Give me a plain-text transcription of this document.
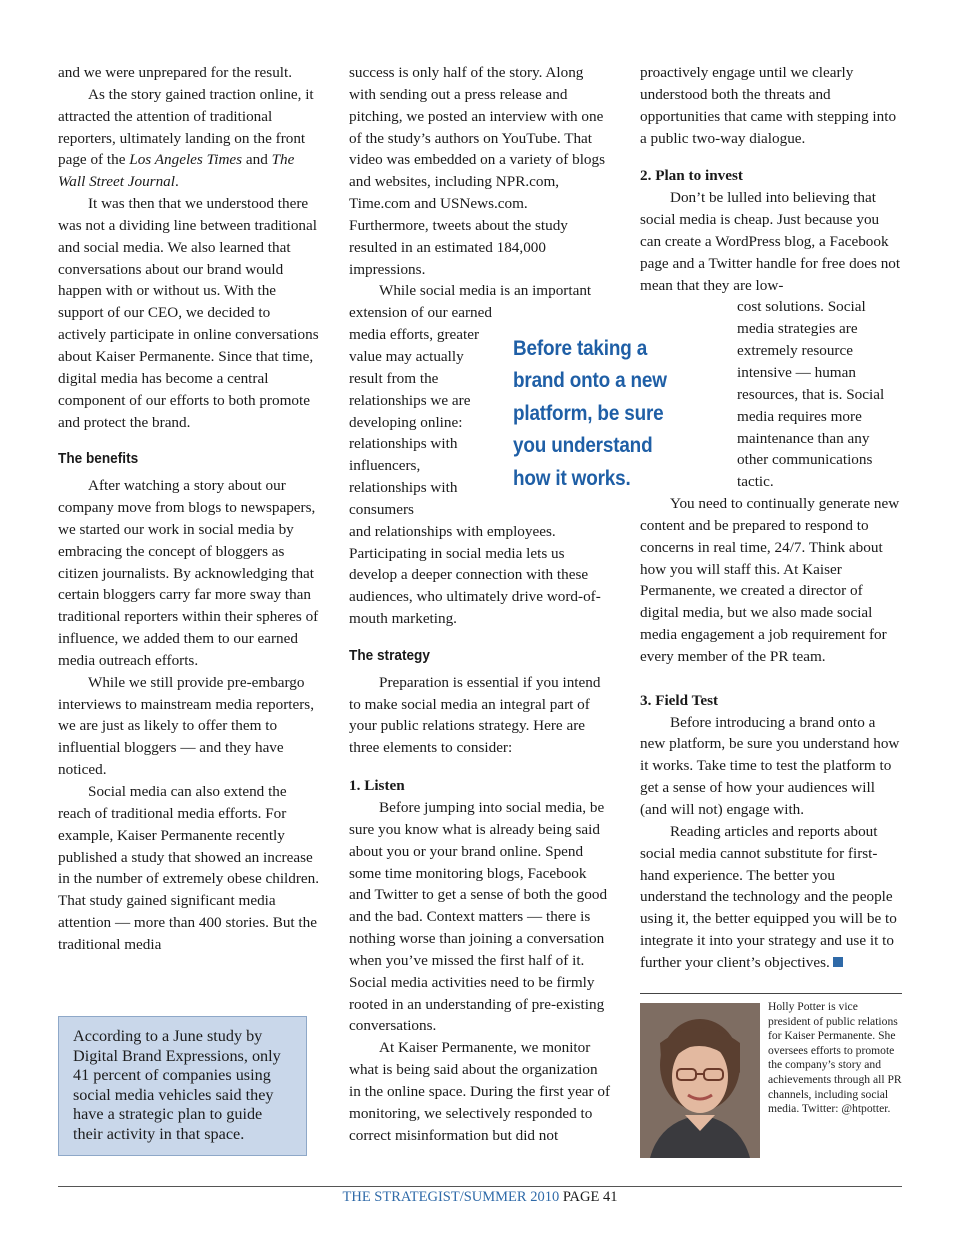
and we were unprepared for the result.

As the story gained traction online, it attracted the attention of traditional reporters, ultimately landing on the front page of the Los Angeles Times and The Wall Street Journal.

It was then that we understood there was not a dividing line between traditional and social media. We also learned that conversations about our brand would happen with or without us. With the support of our CEO, we decided to actively participate in online conversations about Kaiser Permanente. Since that time, digital media has become a central component of our efforts to both promote and protect the brand.

The benefits

After watching a story about our company move from blogs to newspapers, we started our work in social media by embracing the concept of bloggers as citizen journalists. By acknowledging that certain bloggers carry far more sway than traditional reporters within their spheres of influence, we added them to our earned media outreach efforts.

While we still provide pre-embargo interviews to mainstream media reporters, we are just as likely to offer them to influential bloggers — and they have noticed.

Social media can also extend the reach of traditional media efforts. For example, Kaiser Permanente recently published a study that showed an increase in the number of extremely obese children. That study gained significant media attention — more than 400 stories. But the traditional media

According to a June study by Digital Brand Expressions, only 41 percent of companies using social media vehicles said they have a strategic plan to guide their activity in that space.

success is only half of the story. Along with sending out a press release and pitching, we posted an interview with one of the study’s authors on YouTube. That video was embedded on a variety of blogs and websites, including NPR.com, Time.com and USNews.com. Furthermore, tweets about the study resulted in an estimated 184,000 impressions.

While social media is an important

extension of our earned media efforts, greater value may actually result from the relationships we are developing online: relationships with influencers, relationships with consumers

and relationships with employees. Participating in social media lets us develop a deeper connection with these audiences, who ultimately drive word-of-mouth marketing.

The strategy

Preparation is essential if you intend to make social media an integral part of your public relations strategy. Here are three elements to consider:

1. Listen

Before jumping into social media, be sure you know what is already being said about you or your brand online. Spend some time monitoring blogs, Facebook and Twitter to get a sense of both the good and the bad. Context matters — there is nothing worse than joining a conversation when you’ve missed the first half of it. Social media activities need to be firmly rooted in an understanding of pre-existing conversations.

At Kaiser Permanente, we monitor what is being said about the organization in the online space. During the first year of monitoring, we selectively responded to correct misinformation but did not

Before taking a brand onto a new platform, be sure you understand how it works.

proactively engage until we clearly understood both the threats and opportunities that came with stepping into a public two-way dialogue.

2. Plan to invest

Don’t be lulled into believing that social media is cheap. Just because you can create a WordPress blog, a Facebook page and a Twitter handle for free does not mean that they are low-

cost solutions. Social media strategies are extremely resource intensive — human resources, that is. Social media requires more maintenance than any other communications tactic.

You need to continually generate new content and be prepared to respond to concerns in real time, 24/7. Think about how you will staff this. At Kaiser Permanente, we created a director of digital media, but we also made social media engagement a job requirement for every member of the PR team.

3. Field Test

Before introducing a brand onto a new platform, be sure you understand how it works. Take time to test the platform to get a sense of how your audiences will (and will not) engage with.

Reading articles and reports about social media cannot substitute for first-hand experience. The better you understand the technology and the people using it, the better equipped you will be to integrate it into your strategy and use it to further your client’s objectives.

Holly Potter is vice president of public relations for Kaiser Permanente. She oversees efforts to promote the company’s story and achievements through all PR channels, including social media. Twitter: @htpotter.
THE STRATEGIST/SUMMER 2010 PAGE 41
